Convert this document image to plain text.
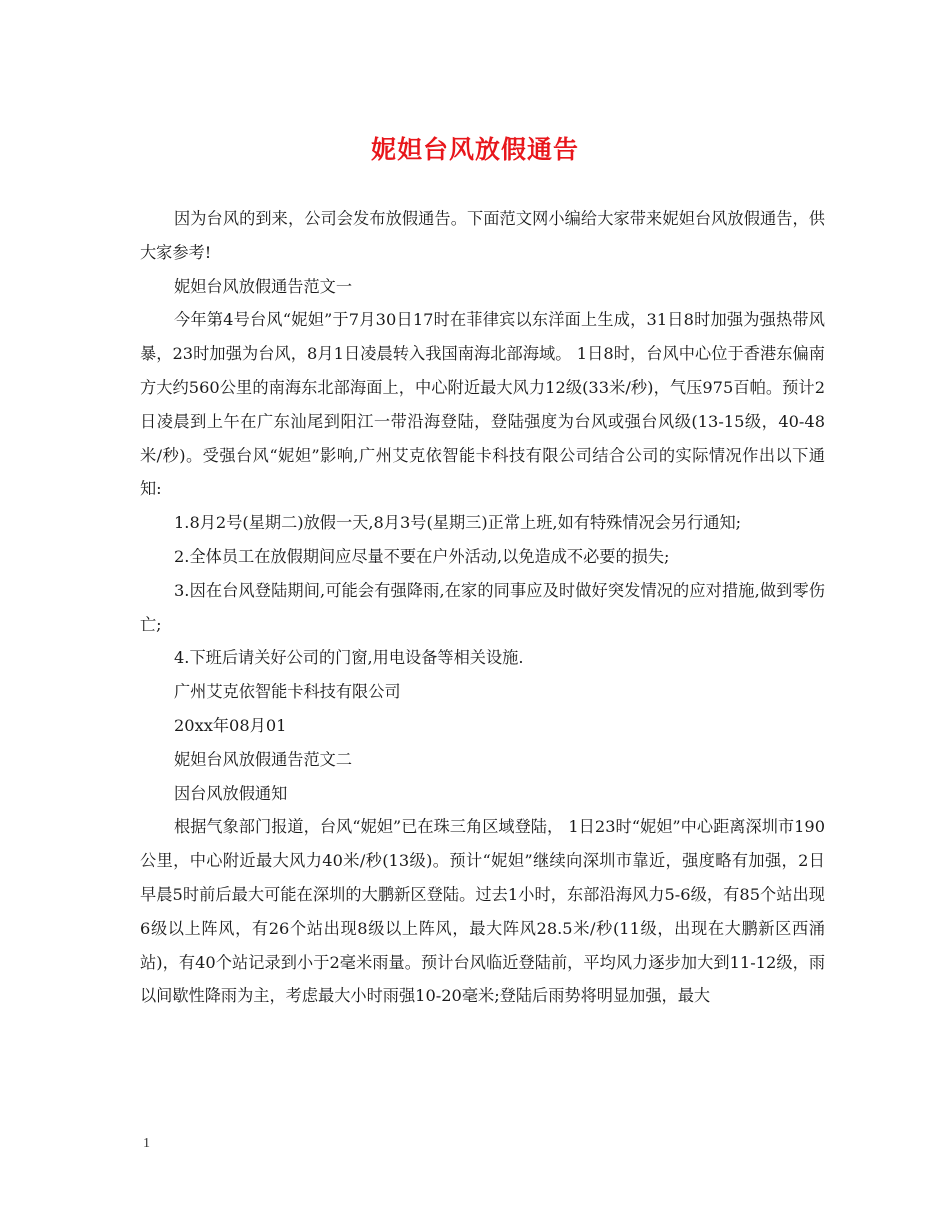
妮妲台风放假通告

因为台风的到来，公司会发布放假通告。下面范文网小编给大家带来妮妲台风放假通告，供大家参考!

妮妲台风放假通告范文一

今年第4号台风“妮妲”于7月30日17时在菲律宾以东洋面上生成，31日8时加强为强热带风暴，23时加强为台风，8月1日凌晨转入我国南海北部海域。 1日8时，台风中心位于香港东偏南方大约560公里的南海东北部海面上，中心附近最大风力12级(33米/秒)，气压975百帕。预计2日凌晨到上午在广东汕尾到阳江一带沿海登陆，登陆强度为台风或强台风级(13-15级，40-48米/秒)。受强台风“妮妲”影响,广州艾克依智能卡科技有限公司结合公司的实际情况作出以下通知:

1.8月2号(星期二)放假一天,8月3号(星期三)正常上班,如有特殊情况会另行通知;

2.全体员工在放假期间应尽量不要在户外活动,以免造成不必要的损失;

3.因在台风登陆期间,可能会有强降雨,在家的同事应及时做好突发情况的应对措施,做到零伤亡;

4.下班后请关好公司的门窗,用电设备等相关设施.

广州艾克依智能卡科技有限公司

20xx年08月01

妮妲台风放假通告范文二

因台风放假通知

根据气象部门报道，台风“妮妲”已在珠三角区域登陆， 1日23时“妮妲”中心距离深圳市190公里，中心附近最大风力40米/秒(13级)。预计“妮妲”继续向深圳市靠近，强度略有加强，2日早晨5时前后最大可能在深圳的大鹏新区登陆。过去1小时，东部沿海风力5-6级，有85个站出现6级以上阵风，有26个站出现8级以上阵风，最大阵风28.5米/秒(11级，出现在大鹏新区西涌站)，有40个站记录到小于2毫米雨量。预计台风临近登陆前，平均风力逐步加大到11-12级，雨以间歇性降雨为主，考虑最大小时雨强10-20毫米;登陆后雨势将明显加强，最大

1
